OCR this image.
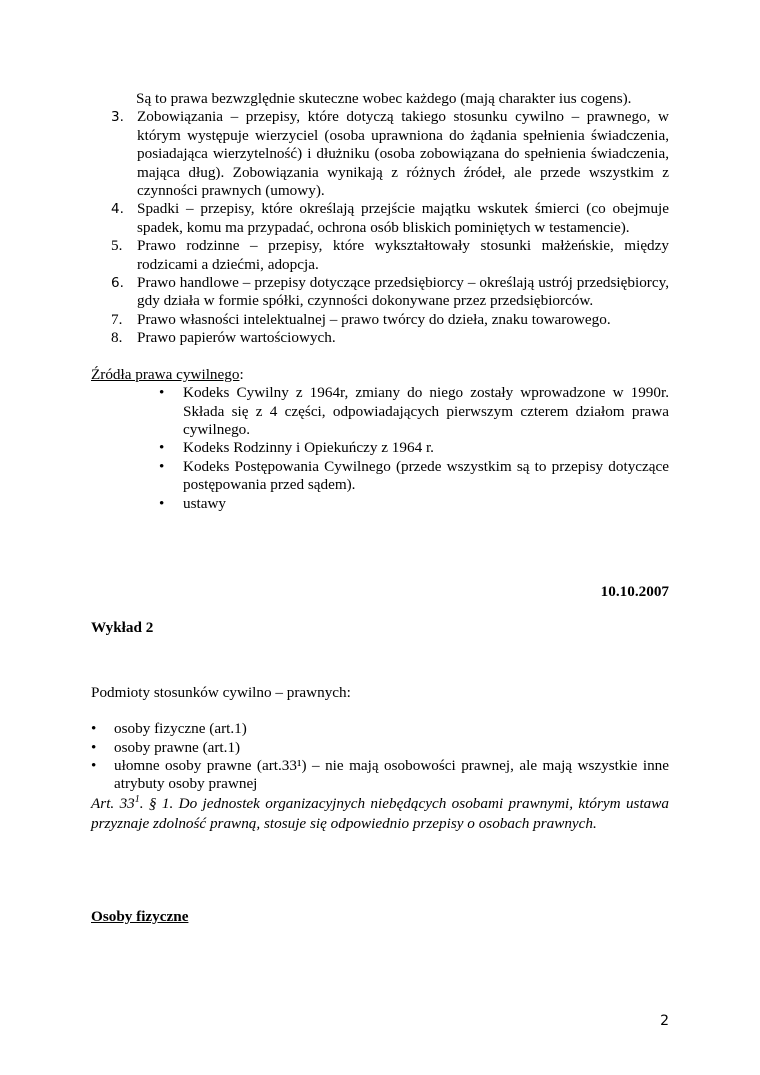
Są to prawa bezwzględnie skuteczne wobec każdego (mają charakter ius cogens).

3. Zobowiązania – przepisy, które dotyczą takiego stosunku cywilno – prawnego, w którym występuje wierzyciel (osoba uprawniona do żądania spełnienia świadczenia, posiadająca wierzytelność) i dłużniku (osoba zobowiązana do spełnienia świadczenia, mająca dług). Zobowiązania wynikają z różnych źródeł, ale przede wszystkim z czynności prawnych (umowy).
4. Spadki – przepisy, które określają przejście majątku wskutek śmierci (co obejmuje spadek, komu ma przypadać, ochrona osób bliskich pominiętych w testamencie).
5. Prawo rodzinne – przepisy, które wykształtowały stosunki małżeńskie, między rodzicami a dziećmi, adopcja.
6. Prawo handlowe – przepisy dotyczące przedsiębiorcy – określają ustrój przedsiębiorcy, gdy działa w formie spółki, czynności dokonywane przez przedsiębiorców.
7. Prawo własności intelektualnej – prawo twórcy do dzieła, znaku towarowego.
8. Prawo papierów wartościowych.

Źródła prawa cywilnego:

• Kodeks Cywilny z 1964r, zmiany do niego zostały wprowadzone w 1990r. Składa się z 4 części, odpowiadających pierwszym czterem działom prawa cywilnego.
• Kodeks Rodzinny i Opiekuńczy z 1964 r.
• Kodeks Postępowania Cywilnego (przede wszystkim są to przepisy dotyczące postępowania przed sądem).
• ustawy

10.10.2007

Wykład 2

Podmioty stosunków cywilno – prawnych:

• osoby fizyczne (art.1)
• osoby prawne (art.1)
• ułomne osoby prawne (art.33¹) – nie mają osobowości prawnej, ale mają wszystkie inne atrybuty osoby prawnej

Art. $33^1$. § 1. Do jednostek organizacyjnych niebędących osobami prawnymi, którym ustawa przyznaje zdolność prawną, stosuje się odpowiednio przepisy o osobach prawnych.

Osoby fizyczne

2
